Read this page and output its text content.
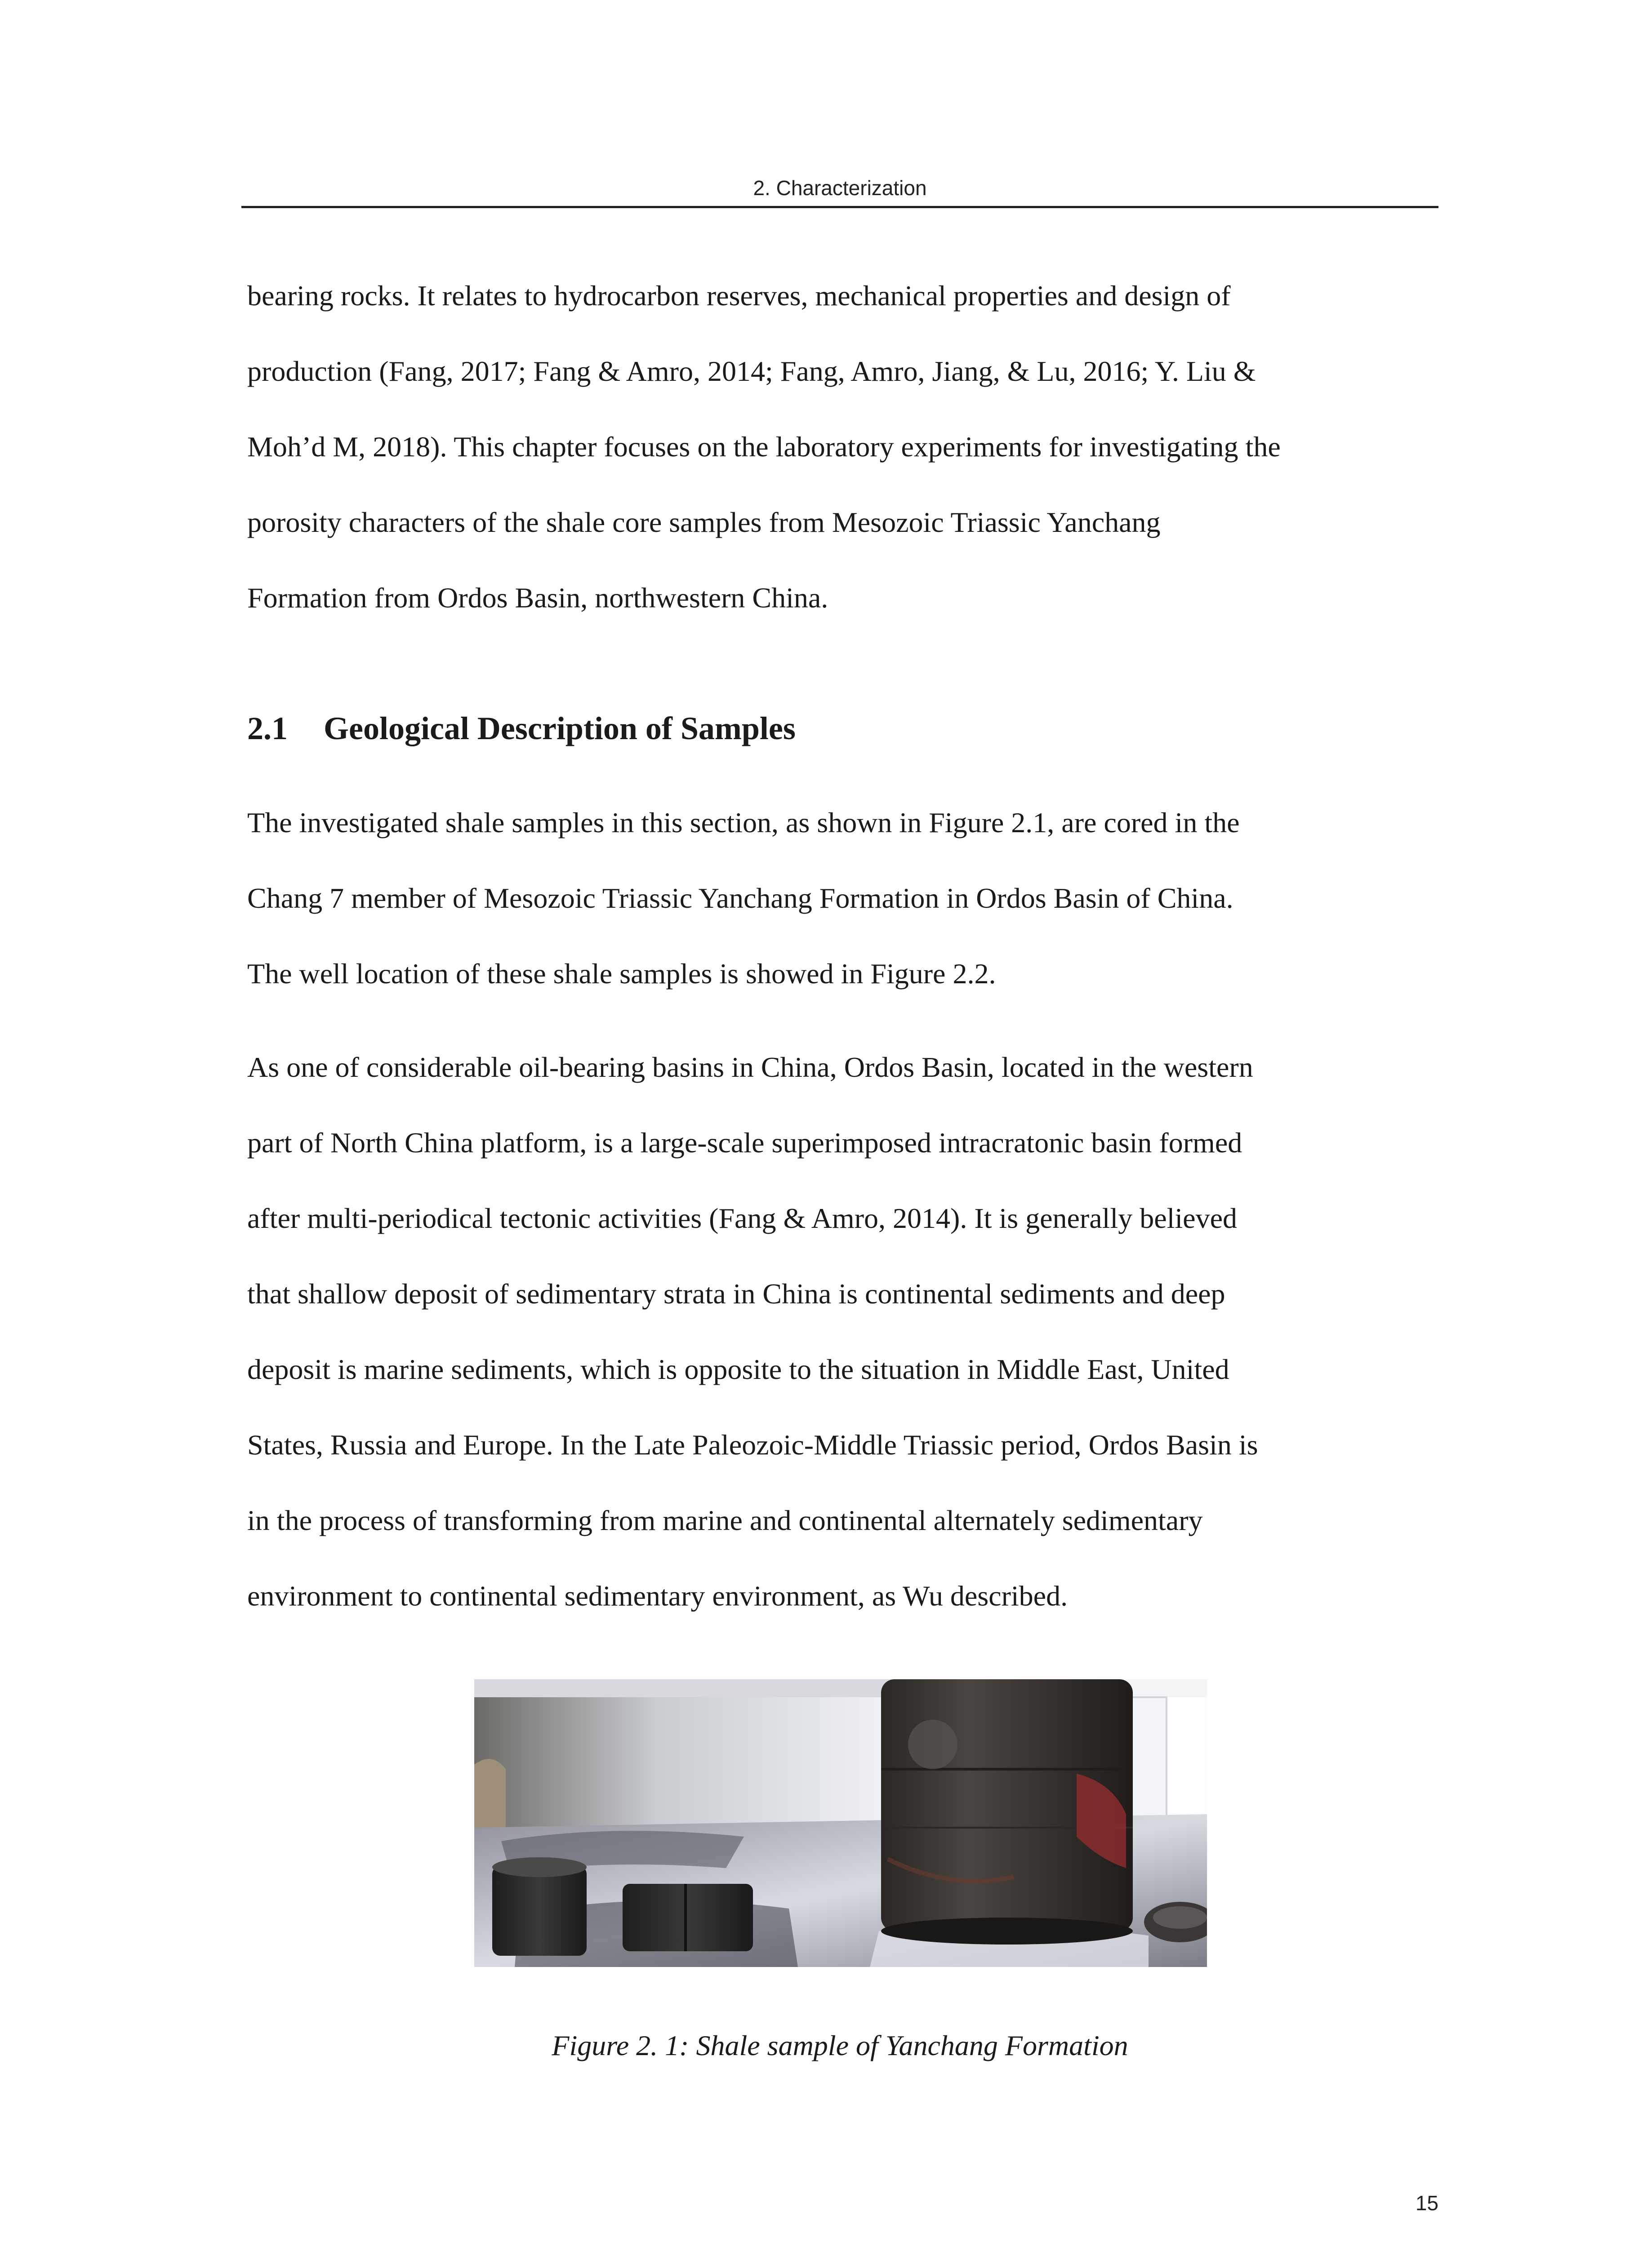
2. Characterization
bearing rocks. It relates to hydrocarbon reserves, mechanical properties and design of
production (Fang, 2017; Fang & Amro, 2014; Fang, Amro, Jiang, & Lu, 2016; Y. Liu &
Moh’d M, 2018). This chapter focuses on the laboratory experiments for investigating the
porosity characters of the shale core samples from Mesozoic Triassic Yanchang
Formation from Ordos Basin, northwestern China.
2.1 Geological Description of Samples
The investigated shale samples in this section, as shown in Figure 2.1, are cored in the
Chang 7 member of Mesozoic Triassic Yanchang Formation in Ordos Basin of China.
The well location of these shale samples is showed in Figure 2.2.
As one of considerable oil-bearing basins in China, Ordos Basin, located in the western
part of North China platform, is a large-scale superimposed intracratonic basin formed
after multi-periodical tectonic activities (Fang & Amro, 2014). It is generally believed
that shallow deposit of sedimentary strata in China is continental sediments and deep
deposit is marine sediments, which is opposite to the situation in Middle East, United
States, Russia and Europe. In the Late Paleozoic-Middle Triassic period, Ordos Basin is
in the process of transforming from marine and continental alternately sedimentary
environment to continental sedimentary environment, as Wu described.
Figure 2. 1: Shale sample of Yanchang Formation
15
